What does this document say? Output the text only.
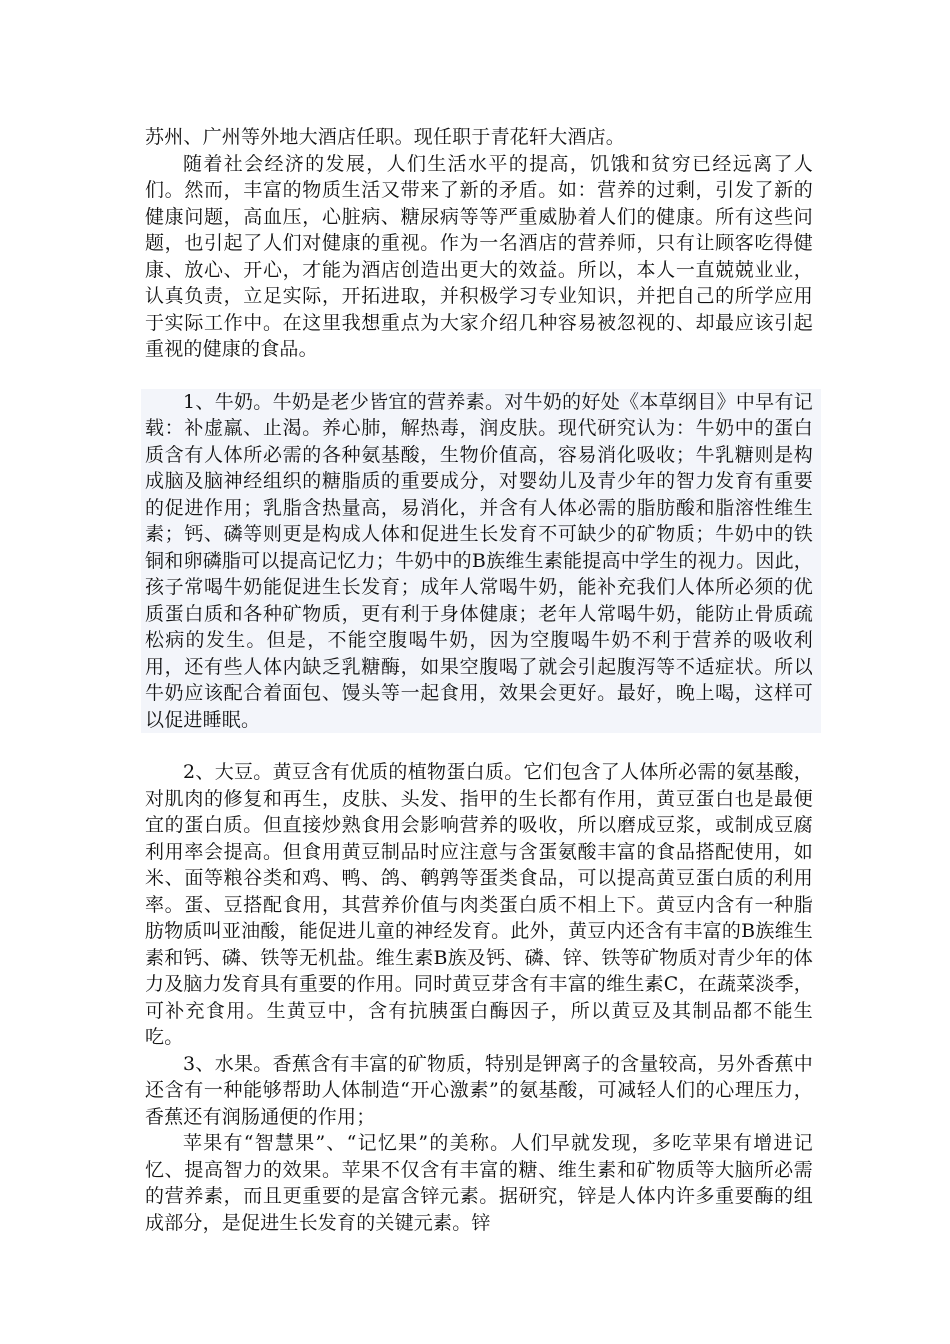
苏州、广州等外地大酒店任职。现任职于青花轩大酒店。

随着社会经济的发展，人们生活水平的提高，饥饿和贫穷已经远离了人们。然而，丰富的物质生活又带来了新的矛盾。如：营养的过剩，引发了新的健康问题，高血压，心脏病、糖尿病等等严重威胁着人们的健康。所有这些问题，也引起了人们对健康的重视。作为一名酒店的营养师，只有让顾客吃得健康、放心、开心，才能为酒店创造出更大的效益。所以，本人一直兢兢业业，认真负责，立足实际，开拓进取，并积极学习专业知识，并把自己的所学应用于实际工作中。在这里我想重点为大家介绍几种容易被忽视的、却最应该引起重视的健康的食品。

1、牛奶。牛奶是老少皆宜的营养素。对牛奶的好处《本草纲目》中早有记载：补虚羸、止渴。养心肺，解热毒，润皮肤。现代研究认为：牛奶中的蛋白质含有人体所必需的各种氨基酸，生物价值高，容易消化吸收；牛乳糖则是构成脑及脑神经组织的糖脂质的重要成分，对婴幼儿及青少年的智力发育有重要的促进作用；乳脂含热量高，易消化，并含有人体必需的脂肪酸和脂溶性维生素；钙、磷等则更是构成人体和促进生长发育不可缺少的矿物质；牛奶中的铁铜和卵磷脂可以提高记忆力；牛奶中的B族维生素能提高中学生的视力。因此，孩子常喝牛奶能促进生长发育；成年人常喝牛奶，能补充我们人体所必须的优质蛋白质和各种矿物质，更有利于身体健康；老年人常喝牛奶，能防止骨质疏松病的发生。但是，不能空腹喝牛奶，因为空腹喝牛奶不利于营养的吸收利用，还有些人体内缺乏乳糖酶，如果空腹喝了就会引起腹泻等不适症状。所以牛奶应该配合着面包、馒头等一起食用，效果会更好。最好，晚上喝，这样可以促进睡眠。

2、大豆。黄豆含有优质的植物蛋白质。它们包含了人体所必需的氨基酸，对肌肉的修复和再生，皮肤、头发、指甲的生长都有作用，黄豆蛋白也是最便宜的蛋白质。但直接炒熟食用会影响营养的吸收，所以磨成豆浆，或制成豆腐利用率会提高。但食用黄豆制品时应注意与含蛋氨酸丰富的食品搭配使用，如米、面等粮谷类和鸡、鸭、鸽、鹌鹑等蛋类食品，可以提高黄豆蛋白质的利用率。蛋、豆搭配食用，其营养价值与肉类蛋白质不相上下。黄豆内含有一种脂肪物质叫亚油酸，能促进儿童的神经发育。此外，黄豆内还含有丰富的B族维生素和钙、磷、铁等无机盐。维生素B族及钙、磷、锌、铁等矿物质对青少年的体力及脑力发育具有重要的作用。同时黄豆芽含有丰富的维生素C，在蔬菜淡季，可补充食用。生黄豆中，含有抗胰蛋白酶因子，所以黄豆及其制品都不能生吃。

3、水果。香蕉含有丰富的矿物质，特别是钾离子的含量较高，另外香蕉中还含有一种能够帮助人体制造“开心激素”的氨基酸，可减轻人们的心理压力，香蕉还有润肠通便的作用；

苹果有“智慧果”、“记忆果”的美称。人们早就发现，多吃苹果有增进记忆、提高智力的效果。苹果不仅含有丰富的糖、维生素和矿物质等大脑所必需的营养素，而且更重要的是富含锌元素。据研究，锌是人体内许多重要酶的组成部分，是促进生长发育的关键元素。锌
